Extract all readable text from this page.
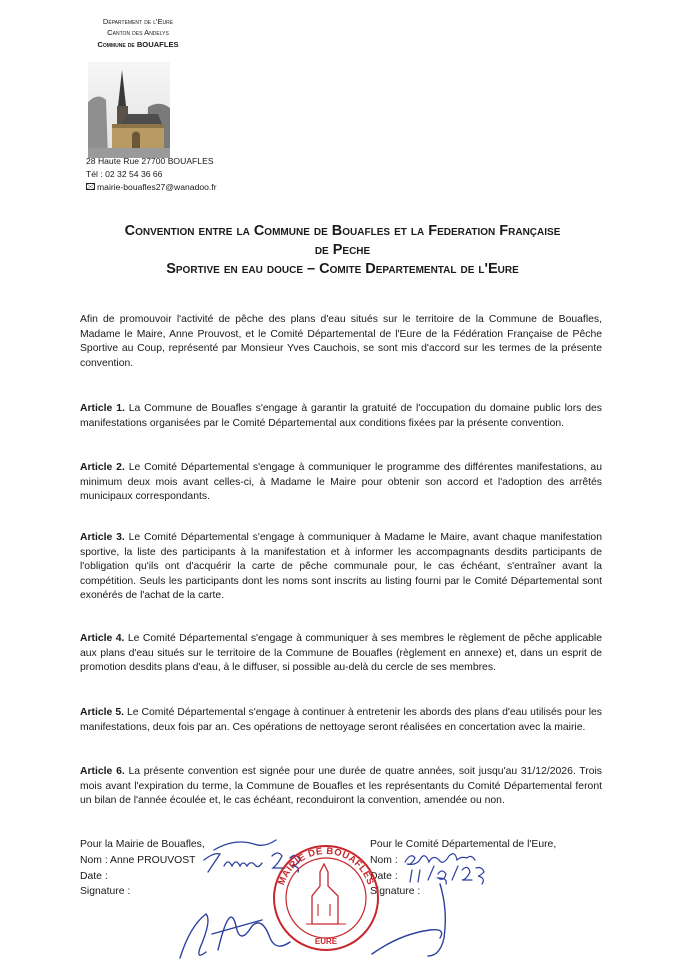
Département de l'Eure
Canton des Andelys
Commune de BOUAFLES
28 Haute Rue 27700 BOUAFLES
Tél : 02 32 54 36 66
mairie-bouafles27@wanadoo.fr
Convention entre la Commune de Bouafles et la Federation Française
de Peche
Sportive en eau douce – Comite Departemental de l'Eure
Afin de promouvoir l'activité de pêche des plans d'eau situés sur le territoire de la Commune de Bouafles, Madame le Maire, Anne Prouvost, et le Comité Départemental de l'Eure de la Fédération Française de Pêche Sportive au Coup, représenté par Monsieur Yves Cauchois, se sont mis d'accord sur les termes de la présente convention.
Article 1. La Commune de Bouafles s'engage à garantir la gratuité de l'occupation du domaine public lors des manifestations organisées par le Comité Départemental aux conditions fixées par la présente convention.
Article 2. Le Comité Départemental s'engage à communiquer le programme des différentes manifestations, au minimum deux mois avant celles-ci, à Madame le Maire pour obtenir son accord et l'adoption des arrêtés municipaux correspondants.
Article 3. Le Comité Départemental s'engage à communiquer à Madame le Maire, avant chaque manifestation sportive, la liste des participants à la manifestation et à informer les accompagnants desdits participants de l'obligation qu'ils ont d'acquérir la carte de pêche communale pour, le cas échéant, s'entraîner avant la compétition. Seuls les participants dont les noms sont inscrits au listing fourni par le Comité Départemental sont exonérés de l'achat de la carte.
Article 4. Le Comité Départemental s'engage à communiquer à ses membres le règlement de pêche applicable aux plans d'eau situés sur le territoire de la Commune de Bouafles (règlement en annexe) et, dans un esprit de promotion desdits plans d'eau, à le diffuser, si possible au-delà du cercle de ses membres.
Article 5. Le Comité Départemental s'engage à continuer à entretenir les abords des plans d'eau utilisés pour les manifestations, deux fois par an. Ces opérations de nettoyage seront réalisées en concertation avec la mairie.
Article 6. La présente convention est signée pour une durée de quatre années, soit jusqu'au 31/12/2026. Trois mois avant l'expiration du terme, la Commune de Bouafles et les représentants du Comité Départemental feront un bilan de l'année écoulée et, le cas échéant, reconduiront la convention, amendée ou non.
Pour la Mairie de Bouafles,
Nom : Anne PROUVOST
Date :
Signature :
Pour le Comité Départemental de l'Eure,
Nom :
Date :
Signature :
MAIRIE DE BOUAFLES
EURE
